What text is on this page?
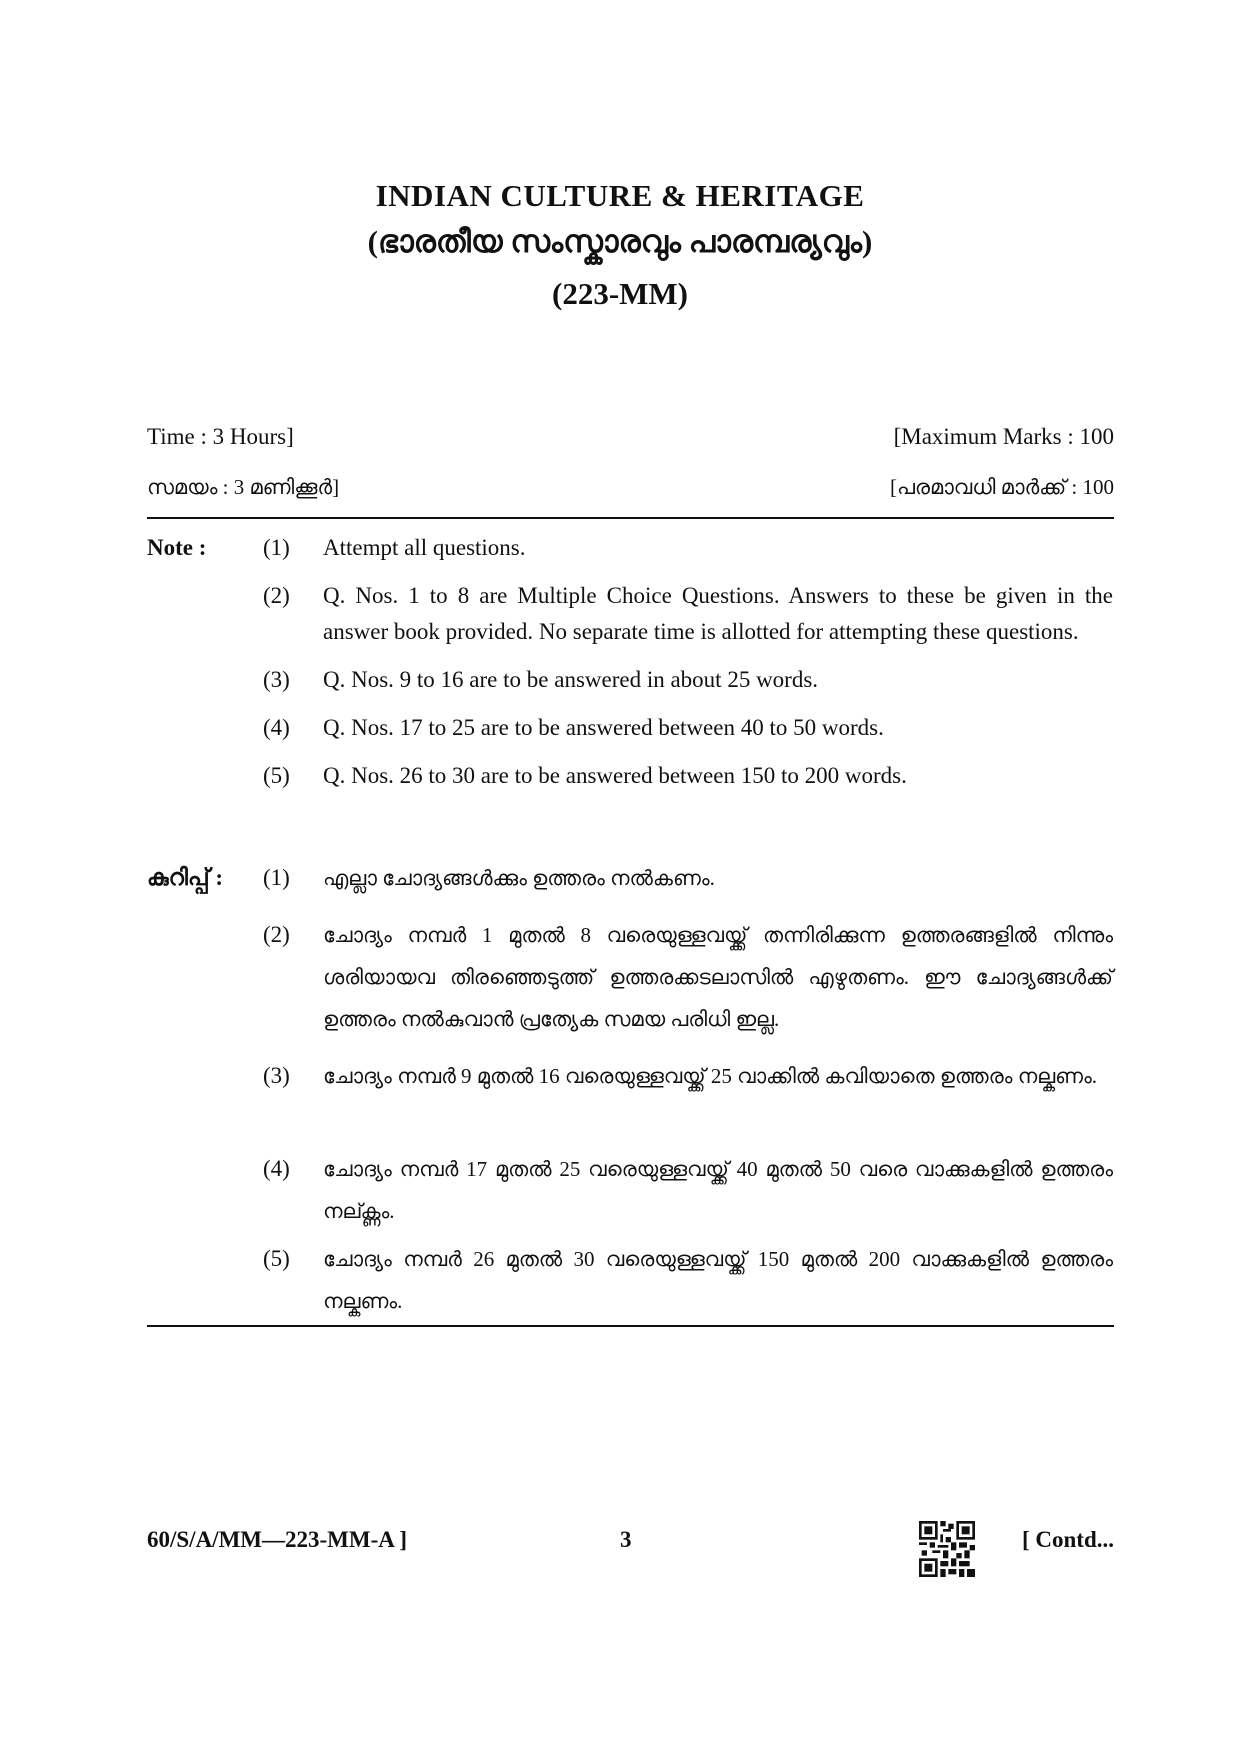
INDIAN CULTURE & HERITAGE
(ഭാരതീയ സംസ്കാരവും പാരമ്പര്യവും)
(223-MM)
Time : 3 Hours]	[Maximum Marks : 100
സമയം : 3 മണിക്കൂർ]	[പരമാവധി മാർക്ക് : 100
Note : (1) Attempt all questions.
(2) Q. Nos. 1 to 8 are Multiple Choice Questions. Answers to these be given in the answer book provided. No separate time is allotted for attempting these questions.
(3) Q. Nos. 9 to 16 are to be answered in about 25 words.
(4) Q. Nos. 17 to 25 are to be answered between 40 to 50 words.
(5) Q. Nos. 26 to 30 are to be answered between 150 to 200 words.
കുറിപ്പ് : (1) എല്ലാ ചോദ്യങ്ങൾക്കും ഉത്തരം നൽകണം.
(2) ചോദ്യം നമ്പർ 1 മുതൽ 8 വരെയുള്ളവയ്ക്ക് തന്നിരിക്കുന്ന ഉത്തരങ്ങളിൽ നിന്നും ശരിയായവ തിരഞ്ഞെടുത്ത് ഉത്തരക്കടലാസിൽ എഴുതണം. ഈ ചോദ്യങ്ങൾക്ക് ഉത്തരം നൽകുവാൻ പ്രത്യേക സമയ പരിധി ഇല്ല.
(3) ചോദ്യം നമ്പർ 9 മുതൽ 16 വരെയുള്ളവയ്ക്ക് 25 വാക്കിൽ കവിയാതെ ഉത്തരം നല്കണം.
(4) ചോദ്യം നമ്പർ 17 മുതൽ 25 വരെയുള്ളവയ്ക്ക് 40 മുതൽ 50 വരെ വാക്കുകളിൽ ഉത്തരം നല്ക്ണം.
(5) ചോദ്യം നമ്പർ 26 മുതൽ 30 വരെയുള്ളവയ്ക്ക് 150 മുതൽ 200 വാക്കുകളിൽ ഉത്തരം നല്കണം.
60/S/A/MM—223-MM-A ]	3	[ Contd...
